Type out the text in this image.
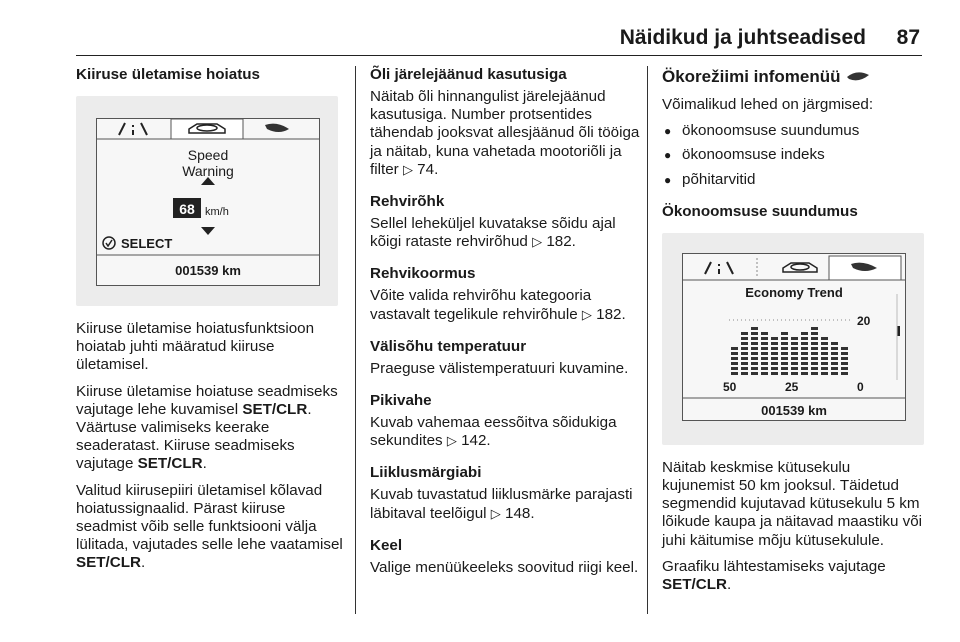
Näidikud ja juhtseadised 87
Kiiruse ületamise hoiatus
Speed
Warning
68 km/h
SELECT
001539 km

Kiiruse ületamise hoiatusfunktsioon hoiatab juhti määratud kiiruse ületamisel.

Kiiruse ületamise hoiatuse seadmiseks vajutage lehe kuvamisel SET/CLR. Väärtuse valimiseks keerake seaderatast. Kiiruse seadmiseks vajutage SET/CLR.

Valitud kiirusepiiri ületamisel kõlavad hoiatussignaalid. Pärast kiiruse seadmist võib selle funktsiooni välja lülitada, vajutades selle lehe vaatamisel SET/CLR.

Õli järelejäänud kasutusiga

Näitab õli hinnangulist järelejäänud kasutusiga. Number protsentides tähendab jooksvat allesjäänud õli tööiga ja näitab, kuna vahetada mootoriõli ja filter ▷ 74.

Rehvirõhk

Sellel leheküljel kuvatakse sõidu ajal kõigi rataste rehvirõhud ▷ 182.

Rehvikoormus

Võite valida rehvirõhu kategooria vastavalt tegelikule rehvirõhule ▷ 182.

Välisõhu temperatuur

Praeguse välistemperatuuri kuvamine.

Pikivahe

Kuvab vahemaa eessõitva sõidukiga sekundites ▷ 142.

Liiklusmärgiabi

Kuvab tuvastatud liiklusmärke parajasti läbitaval teelõigul ▷ 148.

Keel

Valige menüükeeleks soovitud riigi keel.

Ökorežiimi infomenüü

Võimalikud lehed on järgmised:

● ökonoomsuse suundumus
● ökonoomsuse indeks
● põhitarvitid
Ökonoomsuse suundumus
Economy Trend
20
50	25	0
001539 km

Näitab keskmise kütusekulu kujunemist 50 km jooksul. Täidetud segmendid kujutavad kütusekulu 5 km lõikude kaupa ja näitavad maastiku või juhi käitumise mõju kütusekulule.

Graafiku lähtestamiseks vajutage SET/CLR.
